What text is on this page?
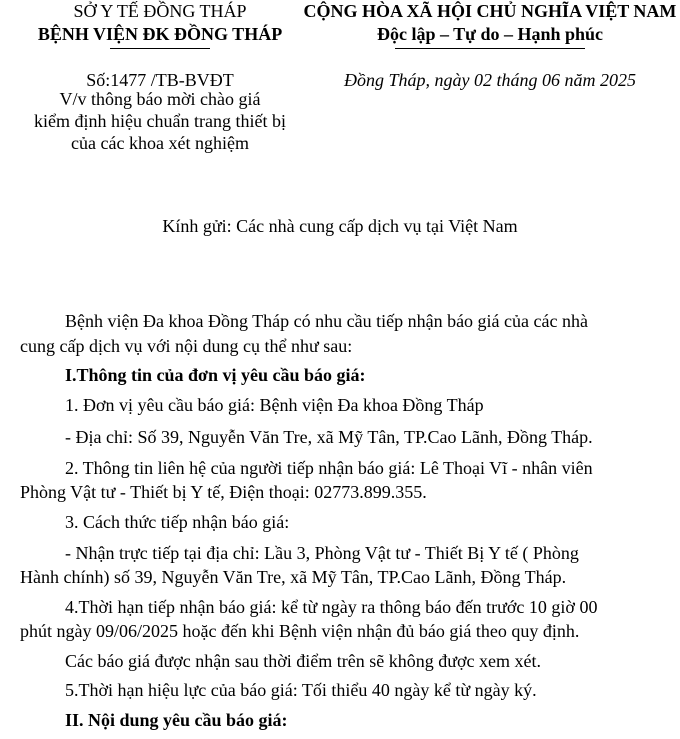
SỞ Y TẾ ĐỒNG THÁP
BỆNH VIỆN ĐK ĐỒNG THÁP
CỘNG HÒA XÃ HỘI CHỦ NGHĨA VIỆT NAM
Độc lập – Tự do – Hạnh phúc
Số:1477 /TB-BVĐT	Đồng Tháp, ngày 02 tháng 06 năm 2025
V/v thông báo mời chào giá
kiểm định hiệu chuẩn trang thiết bị
của các khoa xét nghiệm
Kính gửi: Các nhà cung cấp dịch vụ tại Việt Nam
Bệnh viện Đa khoa Đồng Tháp có nhu cầu tiếp nhận báo giá của các nhà
cung cấp dịch vụ với nội dung cụ thể như sau:
I.Thông tin của đơn vị yêu cầu báo giá:
1. Đơn vị yêu cầu báo giá: Bệnh viện Đa khoa Đồng Tháp
- Địa chỉ: Số 39, Nguyễn Văn Tre, xã Mỹ Tân, TP.Cao Lãnh, Đồng Tháp.
2. Thông tin liên hệ của người tiếp nhận báo giá: Lê Thoại Vĩ - nhân viên
Phòng Vật tư - Thiết bị Y tế, Điện thoại: 02773.899.355.
3. Cách thức tiếp nhận báo giá:
- Nhận trực tiếp tại địa chỉ: Lầu 3, Phòng Vật tư - Thiết Bị Y tế ( Phòng
Hành chính) số 39, Nguyễn Văn Tre, xã Mỹ Tân, TP.Cao Lãnh, Đồng Tháp.
4.Thời hạn tiếp nhận báo giá: kể từ ngày ra thông báo đến trước 10 giờ 00
phút ngày 09/06/2025 hoặc đến khi Bệnh viện nhận đủ báo giá theo quy định.
Các báo giá được nhận sau thời điểm trên sẽ không được xem xét.
5.Thời hạn hiệu lực của báo giá: Tối thiểu 40 ngày kể từ ngày ký.
II. Nội dung yêu cầu báo giá:
